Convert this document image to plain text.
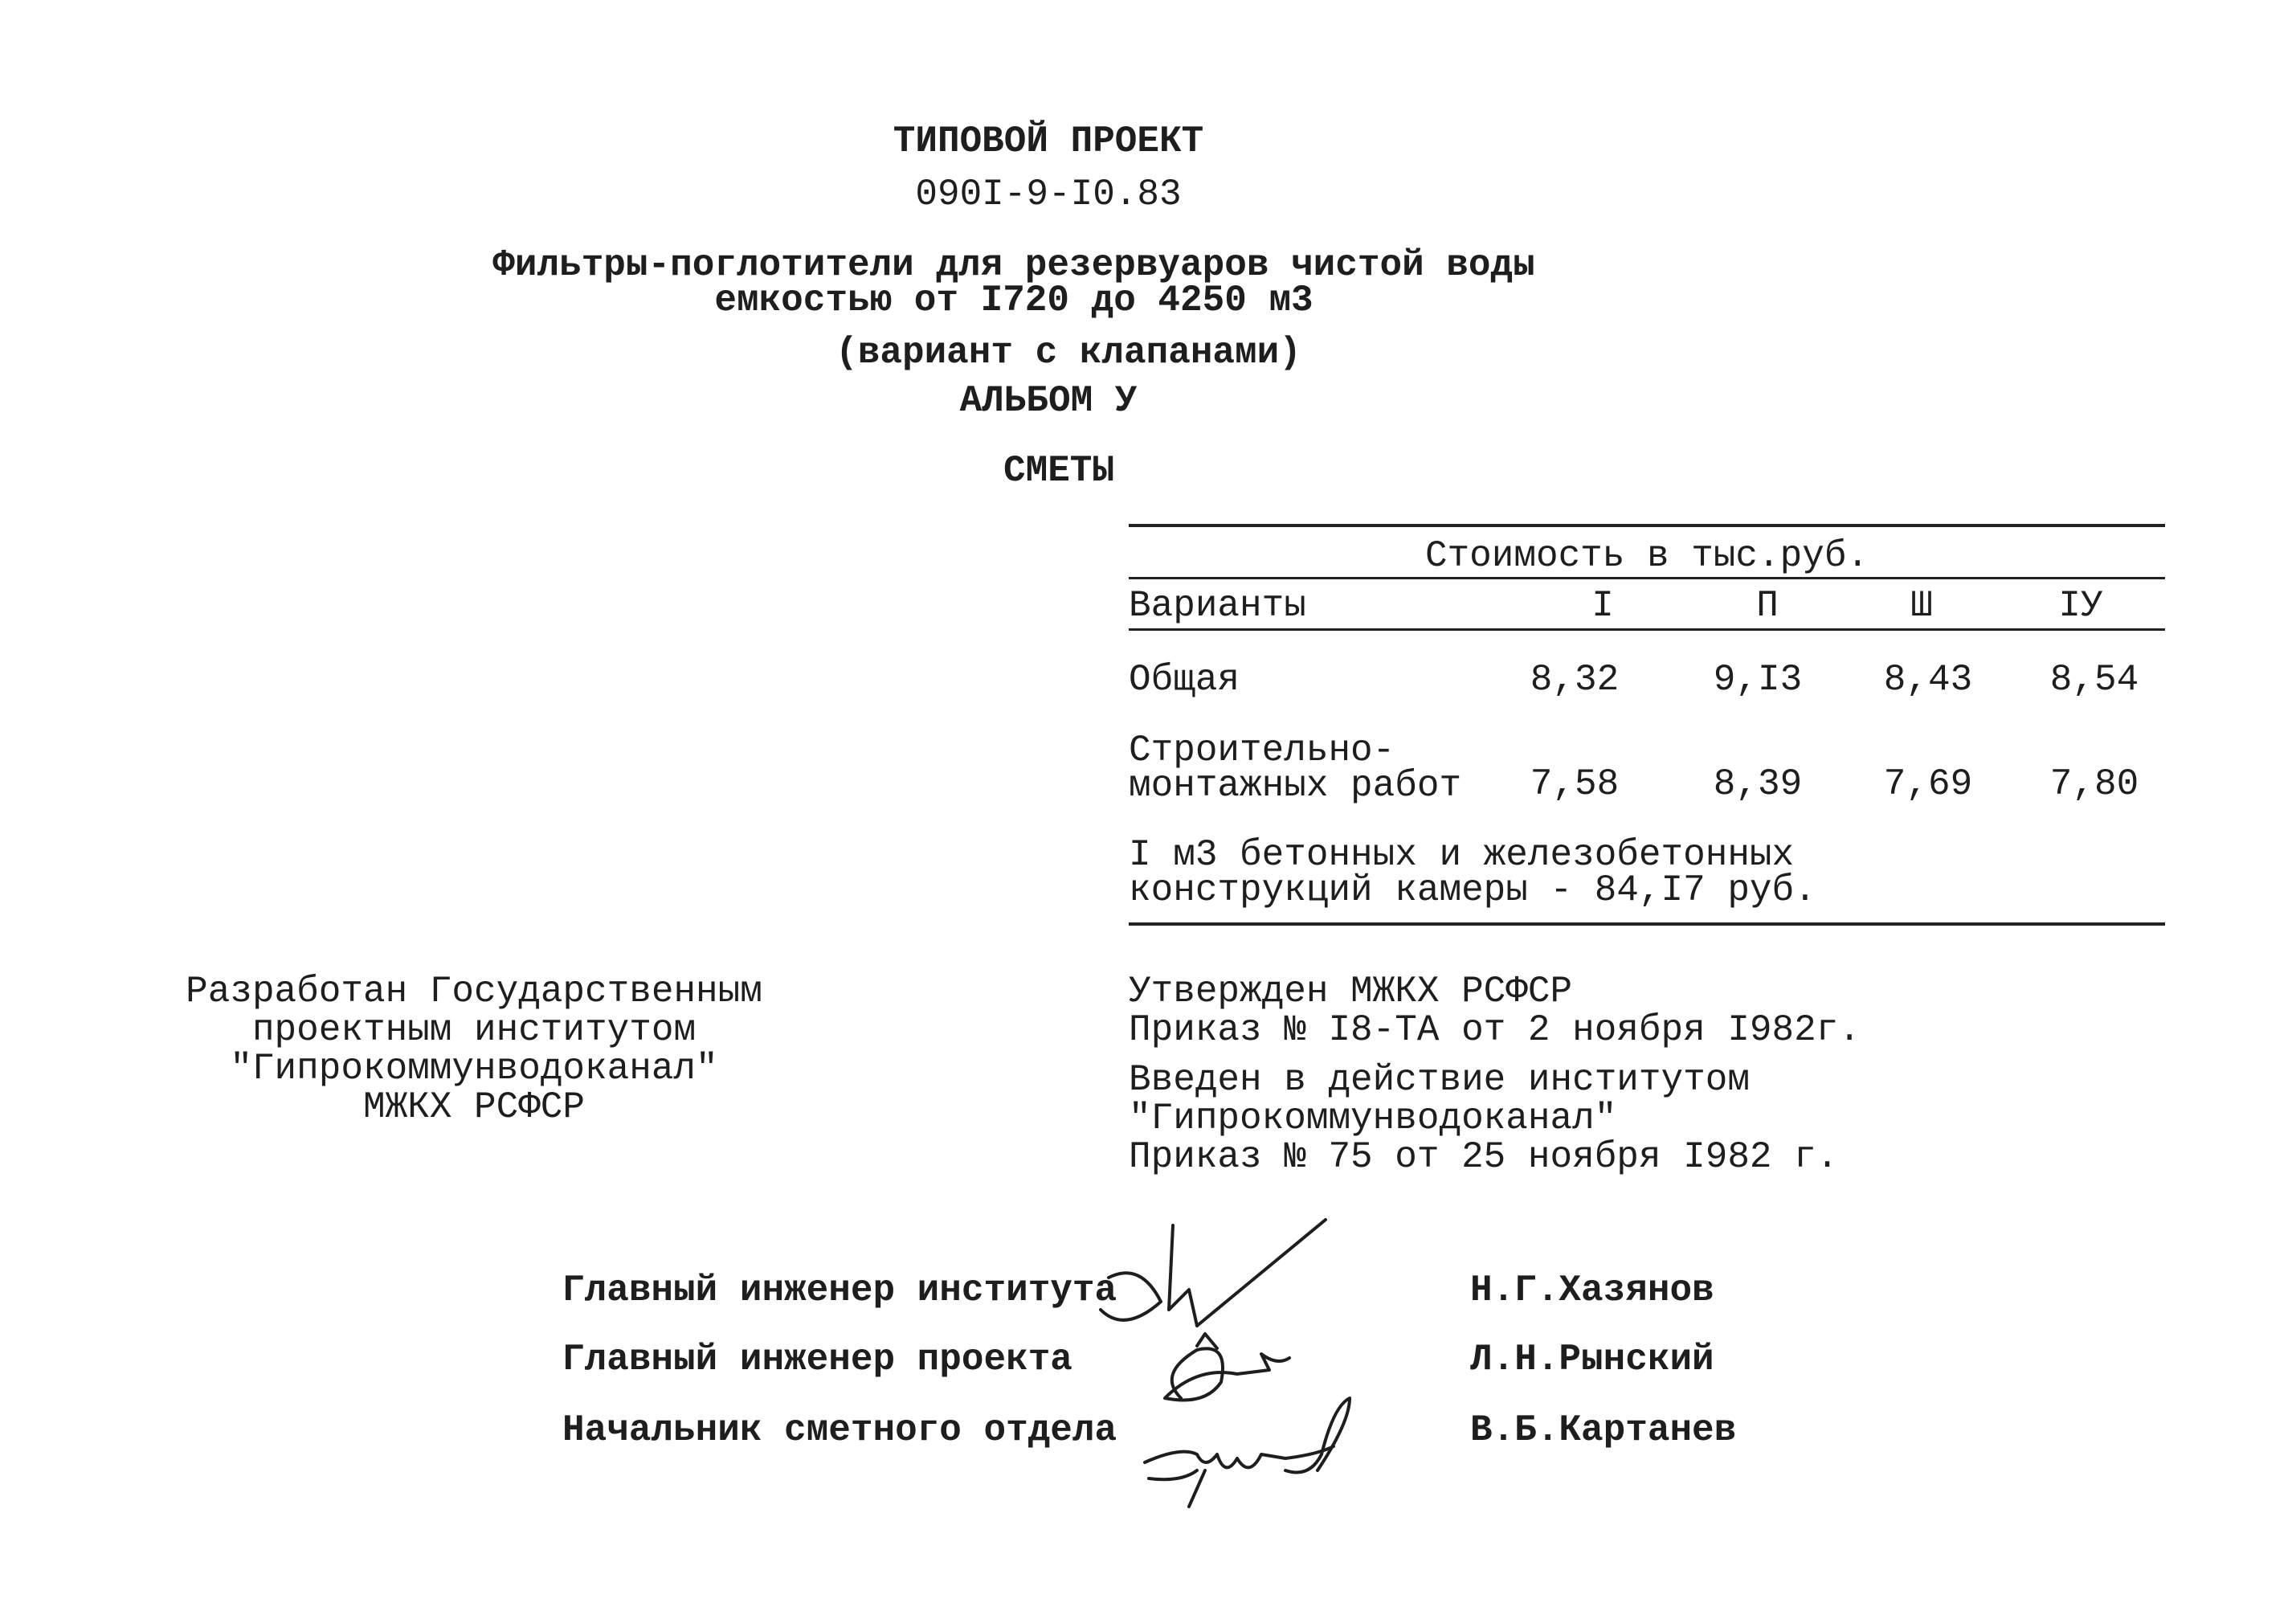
ТИПОВОЙ ПРОЕКТ
090I-9-I0.83
Фильтры-поглотители для резервуаров чистой воды
емкостью от I720 до 4250 м3
(вариант с клапанами)
АЛЬБОМ У
СМЕТЫ
Стоимость в тыс.руб.
Варианты	I	П	Ш	IУ
Общая	8,32	9,I3 8,43 8,54
Строительно-
монтажных работ 7,58	8,39 7,69 7,80
I м3 бетонных и железобетонных
конструкций камеры - 84,I7 руб.
Разработан Государственным
проектным институтом
"Гипрокоммунводоканал"
МЖКХ РСФСР
Утвержден МЖКХ РСФСР
Приказ № I8-ТА от 2 ноября I982г.
Введен в действие институтом
"Гипрокоммунводоканал"
Приказ № 75 от 25 ноября I982 г.
Главный инженер института	Н.Г.Хазянов
Главный инженер проекта	Л.Н.Рынский
Начальник сметного отдела	В.Б.Картанев
